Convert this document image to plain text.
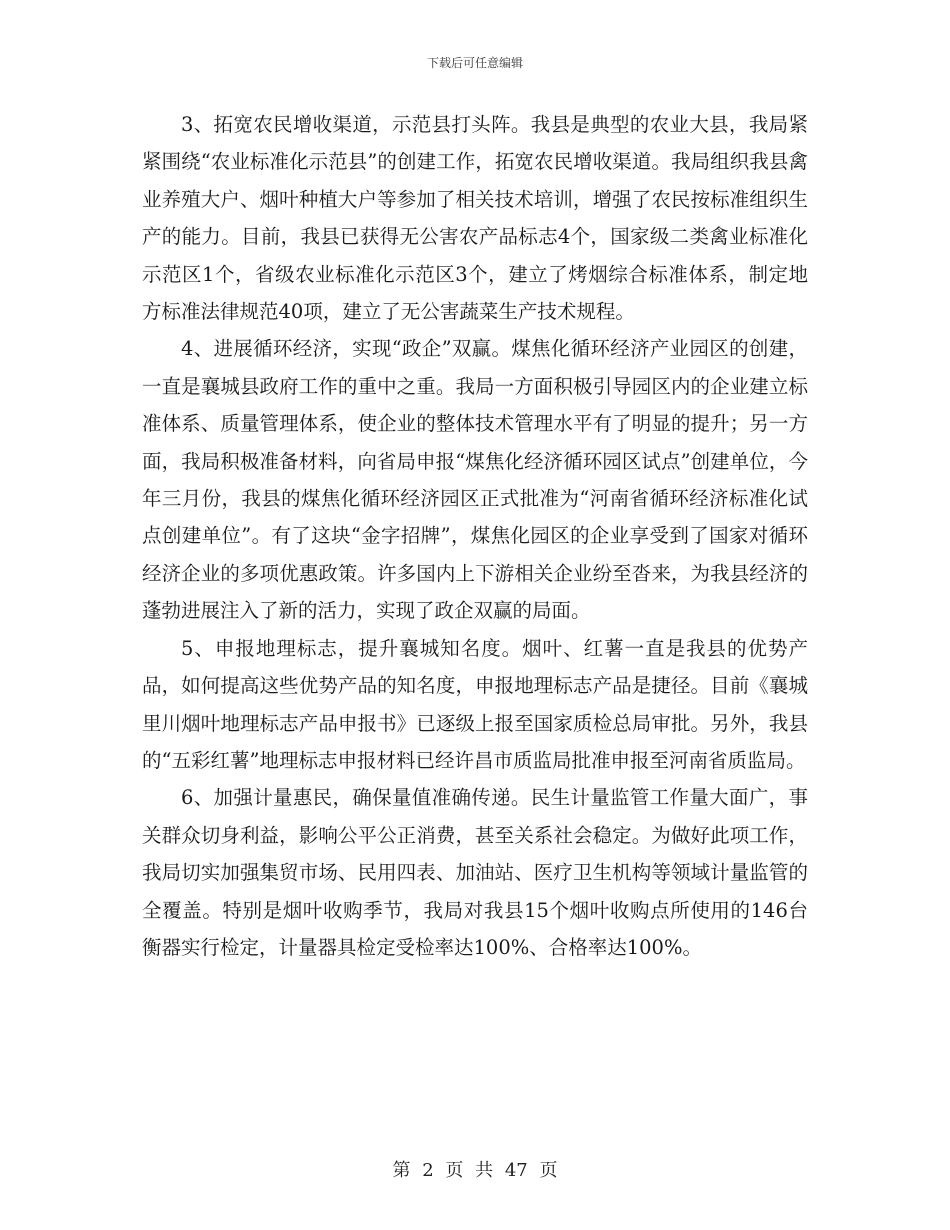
下载后可任意编辑

3、拓宽农民增收渠道，示范县打头阵。我县是典型的农业大县，我局紧紧围绕“农业标准化示范县”的创建工作，拓宽农民增收渠道。我局组织我县禽业养殖大户、烟叶种植大户等参加了相关技术培训，增强了农民按标准组织生产的能力。目前，我县已获得无公害农产品标志4个，国家级二类禽业标准化示范区1个，省级农业标准化示范区3个，建立了烤烟综合标准体系，制定地方标准法律规范40项，建立了无公害蔬菜生产技术规程。

4、进展循环经济，实现“政企”双赢。煤焦化循环经济产业园区的创建，一直是襄城县政府工作的重中之重。我局一方面积极引导园区内的企业建立标准体系、质量管理体系，使企业的整体技术管理水平有了明显的提升；另一方面，我局积极准备材料，向省局申报“煤焦化经济循环园区试点”创建单位，今年三月份，我县的煤焦化循环经济园区正式批准为“河南省循环经济标准化试点创建单位”。有了这块“金字招牌”，煤焦化园区的企业享受到了国家对循环经济企业的多项优惠政策。许多国内上下游相关企业纷至沓来，为我县经济的蓬勃进展注入了新的活力，实现了政企双赢的局面。

5、申报地理标志，提升襄城知名度。烟叶、红薯一直是我县的优势产品，如何提高这些优势产品的知名度，申报地理标志产品是捷径。目前《襄城里川烟叶地理标志产品申报书》已逐级上报至国家质检总局审批。另外，我县的“五彩红薯”地理标志申报材料已经许昌市质监局批准申报至河南省质监局。

6、加强计量惠民，确保量值准确传递。民生计量监管工作量大面广，事关群众切身利益，影响公平公正消费，甚至关系社会稳定。为做好此项工作，我局切实加强集贸市场、民用四表、加油站、医疗卫生机构等领域计量监管的全覆盖。特别是烟叶收购季节，我局对我县15个烟叶收购点所使用的146台衡器实行检定，计量器具检定受检率达100%、合格率达100%。

第 2 页 共 47 页
